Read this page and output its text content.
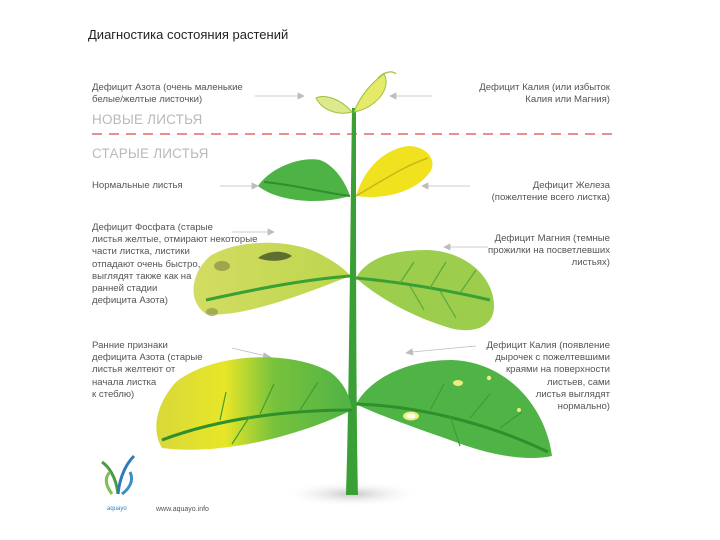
Диагностика состояния растений
НОВЫЕ ЛИСТЬЯ
СТАРЫЕ ЛИСТЬЯ
Дефицит Азота (очень маленькие
белые/желтые листочки)
Дефицит Калия (или избыток
Калия или Магния)
Нормальные листья	Дефицит Железа
(пожелтение всего листка)
Дефицит Фосфата (старые
листья желтые, отмирают некоторые
части листка, листики
отпадают очень быстро,
выглядят также как на
ранней стадии
дефицита Азота)
Дефицит Магния (темные
прожилки на посветлевших
листьях)
Ранние признаки
дефицита Азота (старые
листья желтеют от
начала листка
к стеблю)
Дефицит Калия (появление
дырочек с пожелтевшими
краями на поверхности
листьев, сами
листья выглядят
нормально)
aquayo	www.aquayo.info
